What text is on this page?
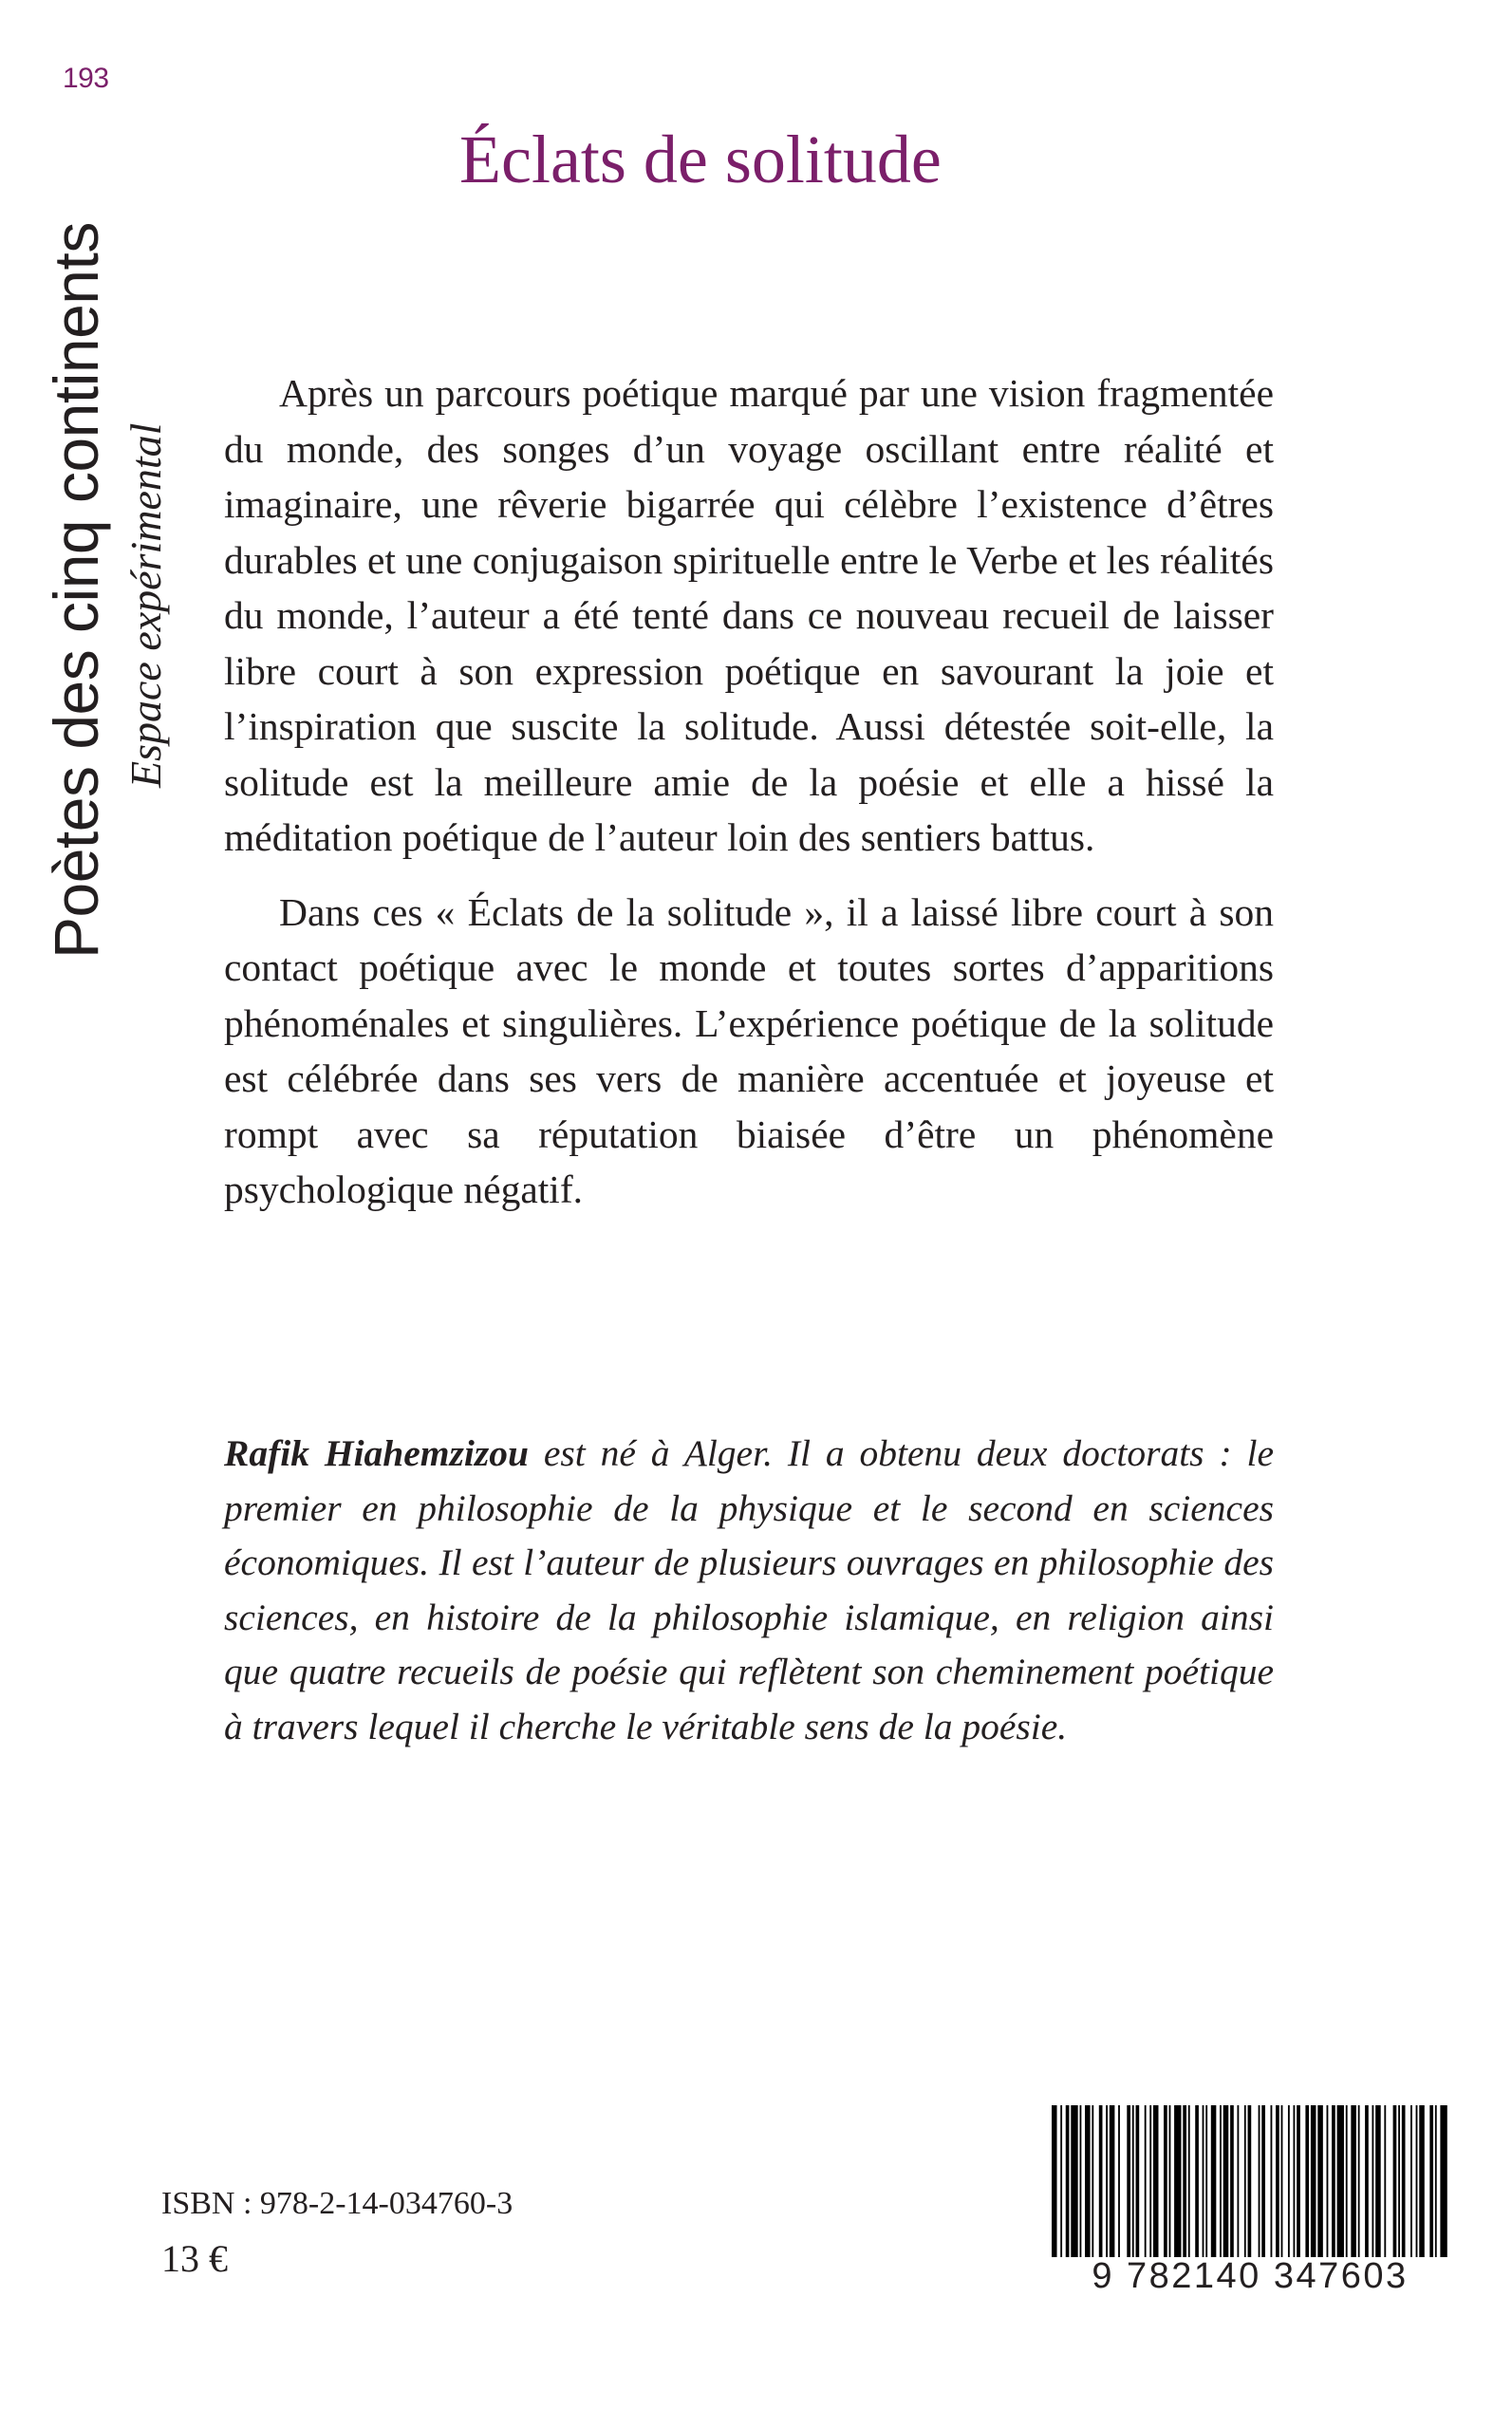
193
Poètes des cinq continents Espace expérimental
Éclats de solitude

Après un parcours poétique marqué par une vision fragmentée du monde, des songes d’un voyage oscillant entre réalité et imaginaire, une rêverie bigarrée qui célèbre l’existence d’êtres durables et une conjugaison spirituelle entre le Verbe et les réalités du monde, l’auteur a été tenté dans ce nouveau recueil de laisser libre court à son expression poétique en savourant la joie et l’inspiration que suscite la solitude. Aussi détestée soit-elle, la solitude est la meilleure amie de la poésie et elle a hissé la méditation poétique de l’auteur loin des sentiers battus.

Dans ces « Éclats de la solitude », il a laissé libre court à son contact poétique avec le monde et toutes sortes d’apparitions phénoménales et singulières. L’expérience poétique de la solitude est célébrée dans ses vers de manière accentuée et joyeuse et rompt avec sa réputation biaisée d’être un phénomène psychologique négatif.

Rafik Hiahemzizou est né à Alger. Il a obtenu deux doctorats : le premier en philosophie de la physique et le second en sciences économiques. Il est l’auteur de plusieurs ouvrages en philosophie des sciences, en histoire de la philosophie islamique, en religion ainsi que quatre recueils de poésie qui reflètent son cheminement poétique à travers lequel il cherche le véritable sens de la poésie.

ISBN : 978-2-14-034760-3
13 €	9 782140 347603
